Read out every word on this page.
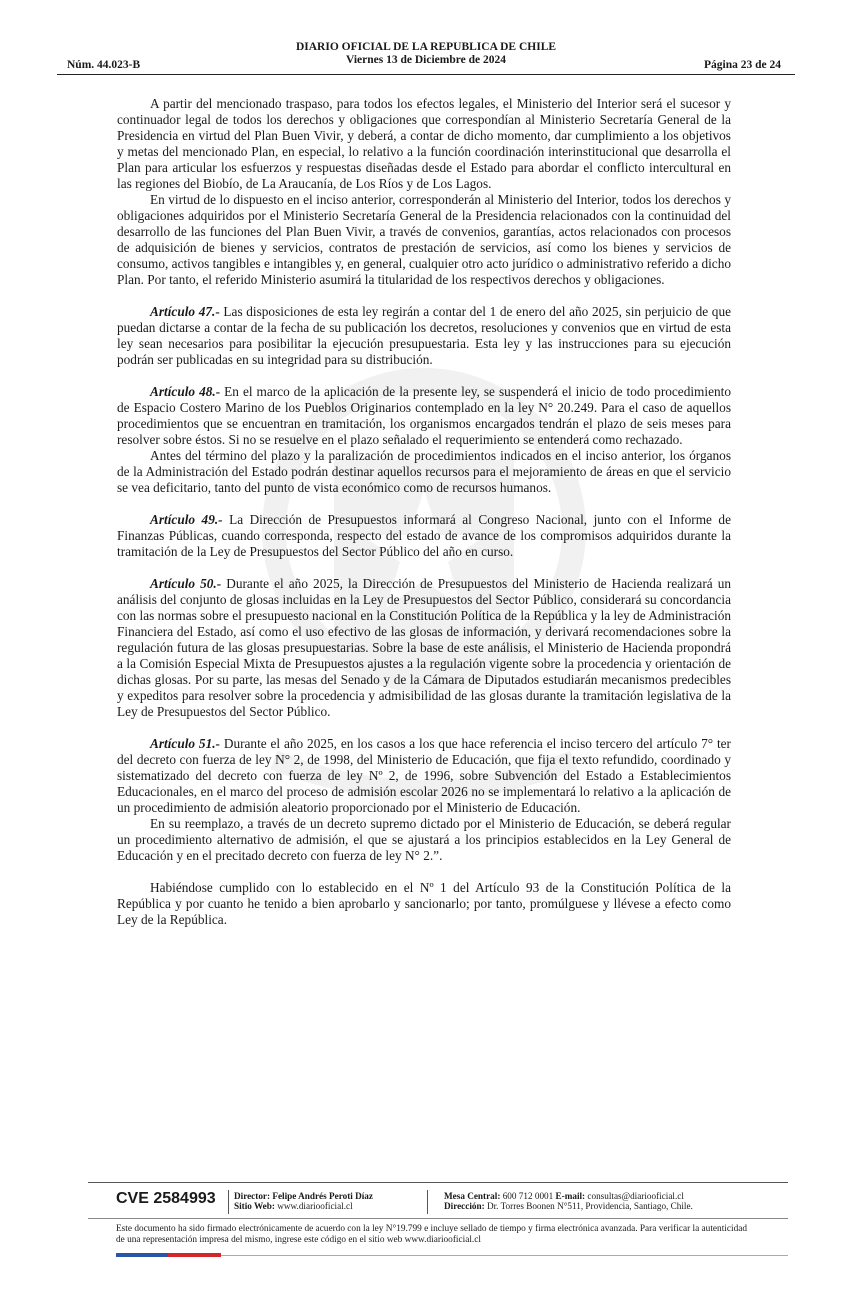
Núm. 44.023-B
DIARIO OFICIAL DE LA REPUBLICA DE CHILE
Viernes 13 de Diciembre de 2024	Página 23 de 24

A partir del mencionado traspaso, para todos los efectos legales, el Ministerio del Interior será el sucesor y continuador legal de todos los derechos y obligaciones que correspondían al Ministerio Secretaría General de la Presidencia en virtud del Plan Buen Vivir, y deberá, a contar de dicho momento, dar cumplimiento a los objetivos y metas del mencionado Plan, en especial, lo relativo a la función coordinación interinstitucional que desarrolla el Plan para articular los esfuerzos y respuestas diseñadas desde el Estado para abordar el conflicto intercultural en las regiones del Biobío, de La Araucanía, de Los Ríos y de Los Lagos.

En virtud de lo dispuesto en el inciso anterior, corresponderán al Ministerio del Interior, todos los derechos y obligaciones adquiridos por el Ministerio Secretaría General de la Presidencia relacionados con la continuidad del desarrollo de las funciones del Plan Buen Vivir, a través de convenios, garantías, actos relacionados con procesos de adquisición de bienes y servicios, contratos de prestación de servicios, así como los bienes y servicios de consumo, activos tangibles e intangibles y, en general, cualquier otro acto jurídico o administrativo referido a dicho Plan. Por tanto, el referido Ministerio asumirá la titularidad de los respectivos derechos y obligaciones.

Artículo 47.- Las disposiciones de esta ley regirán a contar del 1 de enero del año 2025, sin perjuicio de que puedan dictarse a contar de la fecha de su publicación los decretos, resoluciones y convenios que en virtud de esta ley sean necesarios para posibilitar la ejecución presupuestaria. Esta ley y las instrucciones para su ejecución podrán ser publicadas en su integridad para su distribución.

Artículo 48.- En el marco de la aplicación de la presente ley, se suspenderá el inicio de todo procedimiento de Espacio Costero Marino de los Pueblos Originarios contemplado en la ley N° 20.249. Para el caso de aquellos procedimientos que se encuentran en tramitación, los organismos encargados tendrán el plazo de seis meses para resolver sobre éstos. Si no se resuelve en el plazo señalado el requerimiento se entenderá como rechazado.

Antes del término del plazo y la paralización de procedimientos indicados en el inciso anterior, los órganos de la Administración del Estado podrán destinar aquellos recursos para el mejoramiento de áreas en que el servicio se vea deficitario, tanto del punto de vista económico como de recursos humanos.

Artículo 49.- La Dirección de Presupuestos informará al Congreso Nacional, junto con el Informe de Finanzas Públicas, cuando corresponda, respecto del estado de avance de los compromisos adquiridos durante la tramitación de la Ley de Presupuestos del Sector Público del año en curso.

Artículo 50.- Durante el año 2025, la Dirección de Presupuestos del Ministerio de Hacienda realizará un análisis del conjunto de glosas incluidas en la Ley de Presupuestos del Sector Público, considerará su concordancia con las normas sobre el presupuesto nacional en la Constitución Política de la República y la ley de Administración Financiera del Estado, así como el uso efectivo de las glosas de información, y derivará recomendaciones sobre la regulación futura de las glosas presupuestarias. Sobre la base de este análisis, el Ministerio de Hacienda propondrá a la Comisión Especial Mixta de Presupuestos ajustes a la regulación vigente sobre la procedencia y orientación de dichas glosas. Por su parte, las mesas del Senado y de la Cámara de Diputados estudiarán mecanismos predecibles y expeditos para resolver sobre la procedencia y admisibilidad de las glosas durante la tramitación legislativa de la Ley de Presupuestos del Sector Público.

Artículo 51.- Durante el año 2025, en los casos a los que hace referencia el inciso tercero del artículo 7° ter del decreto con fuerza de ley N° 2, de 1998, del Ministerio de Educación, que fija el texto refundido, coordinado y sistematizado del decreto con fuerza de ley Nº 2, de 1996, sobre Subvención del Estado a Establecimientos Educacionales, en el marco del proceso de admisión escolar 2026 no se implementará lo relativo a la aplicación de un procedimiento de admisión aleatorio proporcionado por el Ministerio de Educación.

En su reemplazo, a través de un decreto supremo dictado por el Ministerio de Educación, se deberá regular un procedimiento alternativo de admisión, el que se ajustará a los principios establecidos en la Ley General de Educación y en el precitado decreto con fuerza de ley N° 2.”.

Habiéndose cumplido con lo establecido en el Nº 1 del Artículo 93 de la Constitución Política de la República y por cuanto he tenido a bien aprobarlo y sancionarlo; por tanto, promúlguese y llévese a efecto como Ley de la República.

CVE 2584993 Director: Felipe Andrés Peroti Díaz
Sitio Web: www.diariooficial.cl
Mesa Central: 600 712 0001 E-mail: consultas@diariooficial.cl
Dirección: Dr. Torres Boonen N°511, Providencia, Santiago, Chile.
Este documento ha sido firmado electrónicamente de acuerdo con la ley N°19.799 e incluye sellado de tiempo y firma electrónica avanzada. Para verificar la autenticidad de una representación impresa del mismo, ingrese este código en el sitio web www.diariooficial.cl
